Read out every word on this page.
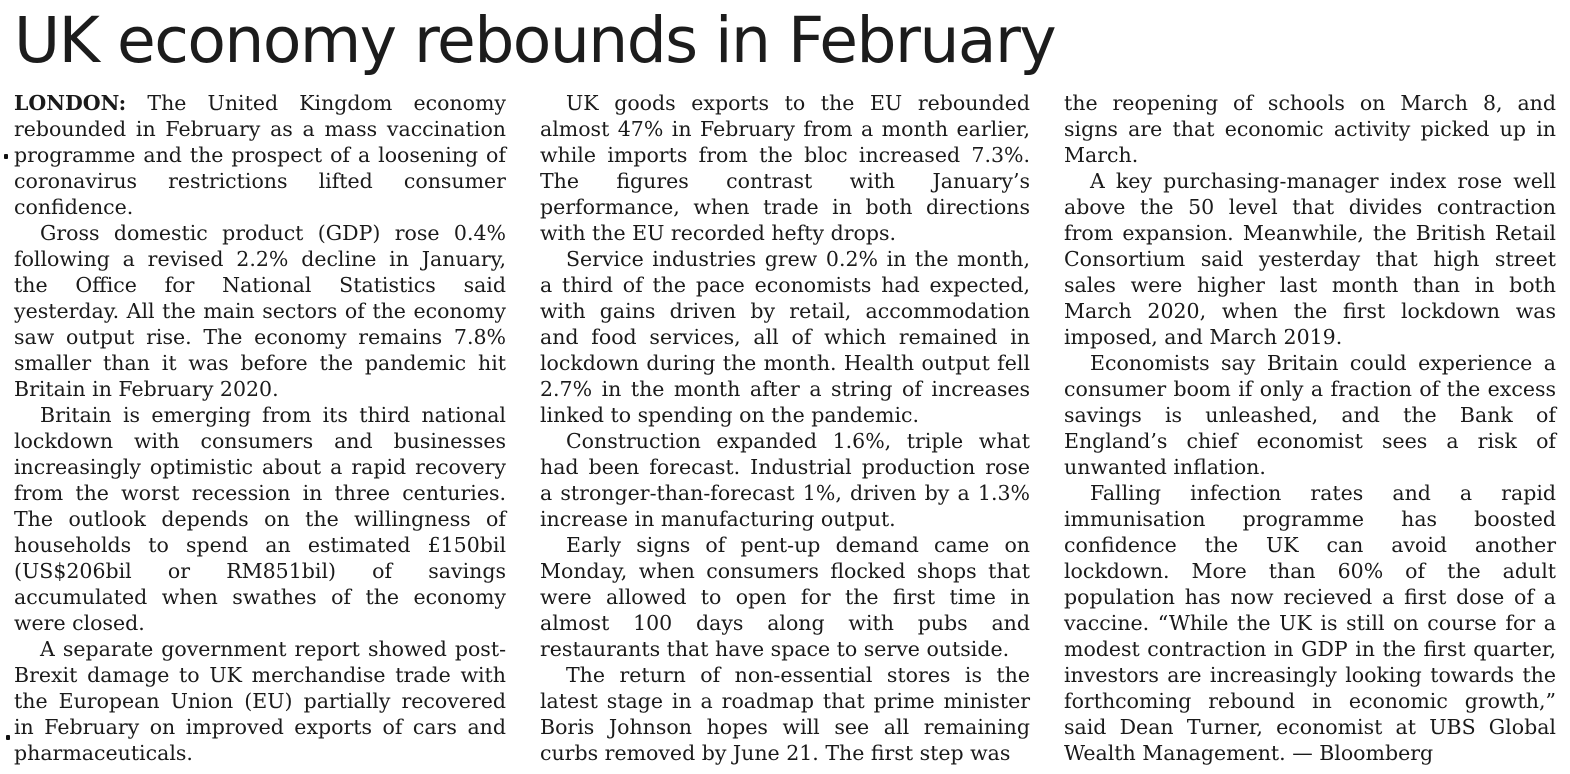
UK economy rebounds in February

LONDON: The United Kingdom economy rebounded in February as a mass vaccination programme and the prospect of a loosening of coronavirus restrictions lifted consumer confidence.

Gross domestic product (GDP) rose 0.4% following a revised 2.2% decline in January, the Office for National Statistics said yesterday. All the main sectors of the economy saw output rise. The economy remains 7.8% smaller than it was before the pandemic hit Britain in February 2020.

Britain is emerging from its third national lockdown with consumers and businesses increasingly optimistic about a rapid recovery from the worst recession in three centuries. The outlook depends on the willingness of households to spend an estimated £150bil (US$206bil or RM851bil) of savings accumulated when swathes of the economy were closed.

A separate government report showed post-Brexit damage to UK merchandise trade with the European Union (EU) partially recovered in February on improved exports of cars and pharmaceuticals.

UK goods exports to the EU rebounded almost 47% in February from a month earlier, while imports from the bloc increased 7.3%. The figures contrast with January’s performance, when trade in both directions with the EU recorded hefty drops.

Service industries grew 0.2% in the month, a third of the pace economists had expected, with gains driven by retail, accommodation and food services, all of which remained in lockdown during the month. Health output fell 2.7% in the month after a string of increases linked to spending on the pandemic.

Construction expanded 1.6%, triple what had been forecast. Industrial production rose a stronger-than-forecast 1%, driven by a 1.3% increase in manufacturing output.

Early signs of pent-up demand came on Monday, when consumers flocked shops that were allowed to open for the first time in almost 100 days along with pubs and restaurants that have space to serve outside.

The return of non-essential stores is the latest stage in a roadmap that prime minister Boris Johnson hopes will see all remaining curbs removed by June 21. The first step was

the reopening of schools on March 8, and signs are that economic activity picked up in March.

A key purchasing-manager index rose well above the 50 level that divides contraction from expansion. Meanwhile, the British Retail Consortium said yesterday that high street sales were higher last month than in both March 2020, when the first lockdown was imposed, and March 2019.

Economists say Britain could experience a consumer boom if only a fraction of the excess savings is unleashed, and the Bank of England’s chief economist sees a risk of unwanted inflation.

Falling infection rates and a rapid immunisation programme has boosted confidence the UK can avoid another lockdown. More than 60% of the adult population has now recieved a first dose of a vaccine. “While the UK is still on course for a modest contraction in GDP in the first quarter, investors are increasingly looking towards the forthcoming rebound in economic growth,” said Dean Turner, economist at UBS Global Wealth Management. — Bloomberg
